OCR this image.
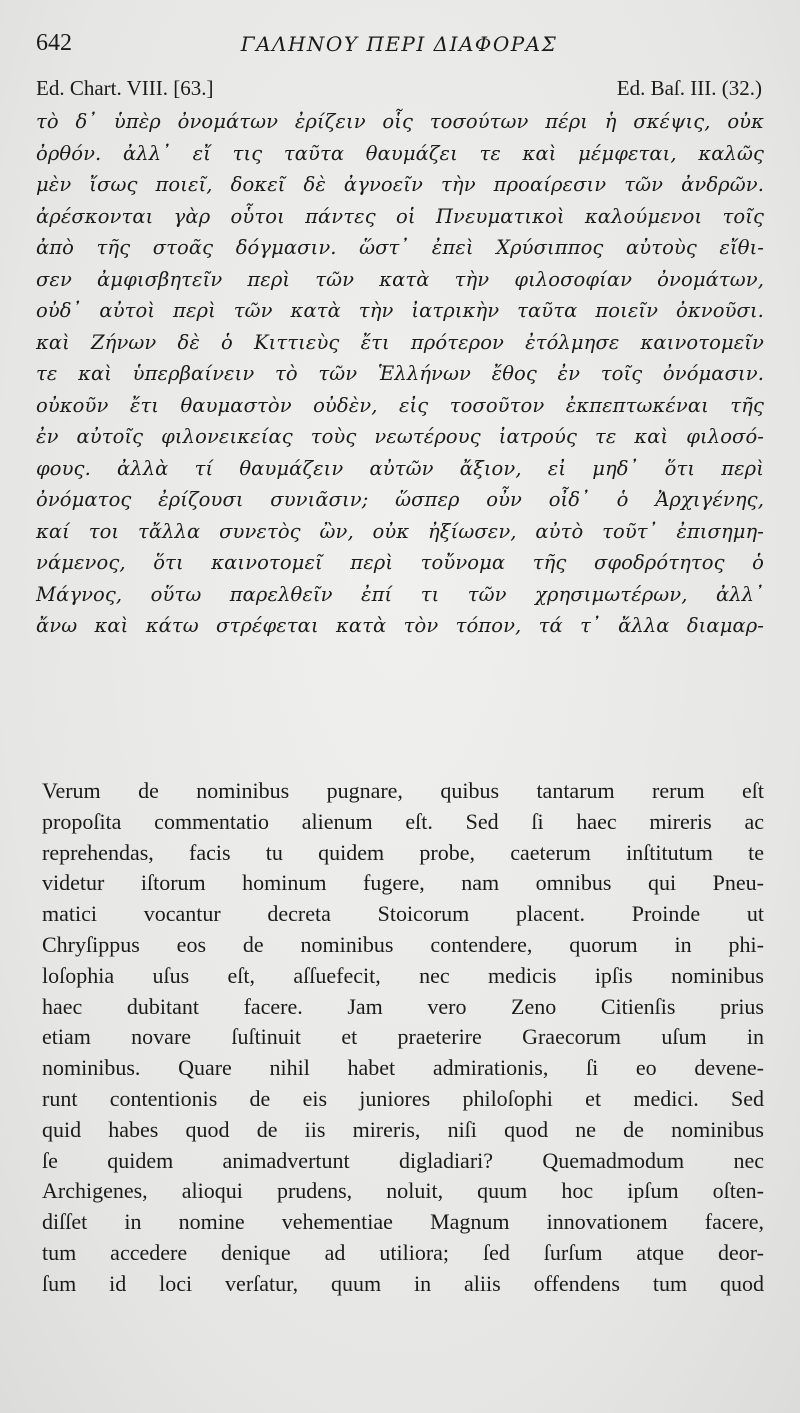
642	ΓΑΛΗΝΟΥ ΠΕΡΙ ΔΙΑΦΟΡΑΣ
Ed. Chart. VIII. [63.]	Ed. Baſ. III. (32.)
τὸ δ᾽ ὑπὲρ ὀνομάτων ἐρίζειν οἷς τοσούτων πέρι ἡ σκέψις, οὐκ
ὀρθόν. ἀλλ᾽ εἴ τις ταῦτα θαυμάζει τε καὶ μέμφεται, καλῶς
μὲν ἴσως ποιεῖ, δοκεῖ δὲ ἀγνοεῖν τὴν προαίρεσιν τῶν ἀνδρῶν.
ἀρέσκονται γὰρ οὗτοι πάντες οἱ Πνευματικοὶ καλούμενοι τοῖς
ἀπὸ τῆς στοᾶς δόγμασιν. ὥστ᾽ ἐπεὶ Χρύσιππος αὐτοὺς εἴθι-
σεν ἀμφισβητεῖν περὶ τῶν κατὰ τὴν φιλοσοφίαν ὀνομάτων,
οὐδ᾽ αὐτοὶ περὶ τῶν κατὰ τὴν ἰατρικὴν ταῦτα ποιεῖν ὀκνοῦσι.
καὶ Ζήνων δὲ ὁ Κιττιεὺς ἔτι πρότερον ἐτόλμησε καινοτομεῖν
τε καὶ ὑπερβαίνειν τὸ τῶν Ἑλλήνων ἔθος ἐν τοῖς ὀνόμασιν.
οὐκοῦν ἔτι θαυμαστὸν οὐδὲν, εἰς τοσοῦτον ἐκπεπτωκέναι τῆς
ἐν αὐτοῖς φιλονεικείας τοὺς νεωτέρους ἰατρούς τε καὶ φιλοσό-
φους. ἀλλὰ τί θαυμάζειν αὐτῶν ἄξιον, εἰ μηδ᾽ ὅτι περὶ
ὀνόματος ἐρίζουσι συνιᾶσιν; ὥσπερ οὖν οἶδ᾽ ὁ Ἀρχιγένης,
καί τοι τἄλλα συνετὸς ὢν, οὐκ ἠξίωσεν, αὐτὸ τοῦτ᾽ ἐπισημη-
νάμενος, ὅτι καινοτομεῖ περὶ τοὔνομα τῆς σφοδρότητος ὁ
Μάγνος, οὕτω παρελθεῖν ἐπί τι τῶν χρησιμωτέρων, ἀλλ᾽
ἄνω καὶ κάτω στρέφεται κατὰ τὸν τόπον, τά τ᾽ ἄλλα διαμαρ-
Verum de nominibus pugnare, quibus tantarum rerum eſt
propoſita commentatio alienum eſt. Sed ſi haec mireris ac
reprehendas, facis tu quidem probe, caeterum inſtitutum te
videtur iſtorum hominum fugere, nam omnibus qui Pneu-
matici vocantur decreta Stoicorum placent. Proinde ut
Chryſippus eos de nominibus contendere, quorum in phi-
loſophia uſus eſt, aſſuefecit, nec medicis ipſis nominibus
haec dubitant facere. Jam vero Zeno Citienſis prius
etiam novare ſuſtinuit et praeterire Graecorum uſum in
nominibus. Quare nihil habet admirationis, ſi eo devene-
runt contentionis de eis juniores philoſophi et medici. Sed
quid habes quod de iis mireris, niſi quod ne de nominibus
ſe quidem animadvertunt digladiari? Quemadmodum nec
Archigenes, alioqui prudens, noluit, quum hoc ipſum oſten-
diſſet in nomine vehementiae Magnum innovationem facere,
tum accedere denique ad utiliora; ſed ſurſum atque deor-
ſum id loci verſatur, quum in aliis offendens tum quod
